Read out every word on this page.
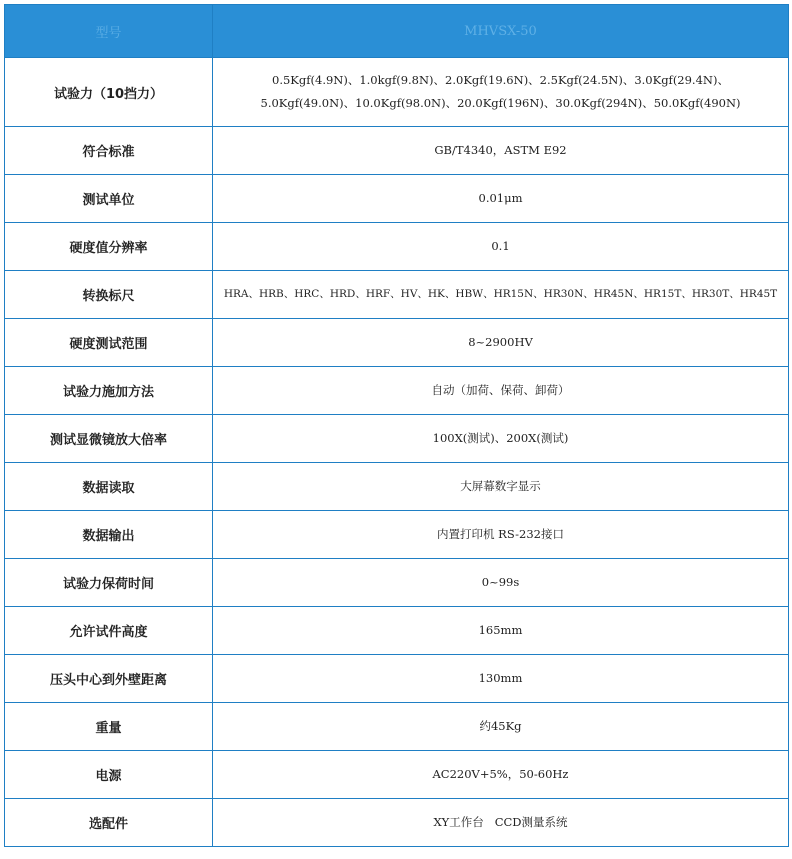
型号	MHVSX-50
试验力（10挡力）	0.5Kgf(4.9N)、1.0kgf(9.8N)、2.0Kgf(19.6N)、2.5Kgf(24.5N)、3.0Kgf(29.4N)、
5.0Kgf(49.0N)、10.0Kgf(98.0N)、20.0Kgf(196N)、30.0Kgf(294N)、50.0Kgf(490N)

符合标准	GB/T4340，ASTM E92
测试单位	0.01μm
硬度值分辨率	0.1
转换标尺	HRA、HRB、HRC、HRD、HRF、HV、HK、HBW、HR15N、HR30N、HR45N、HR15T、HR30T、HR45T
硬度测试范围	8~2900HV
试验力施加方法	自动（加荷、保荷、卸荷）
测试显微镜放大倍率	100X(测试)、200X(测试)
数据读取	大屏幕数字显示
数据输出	内置打印机 RS-232接口
试验力保荷时间	0~99s
允许试件高度	165mm
压头中心到外壁距离	130mm
重量	约45Kg
电源	AC220V+5%，50-60Hz
选配件	XY工作台   CCD测量系统
